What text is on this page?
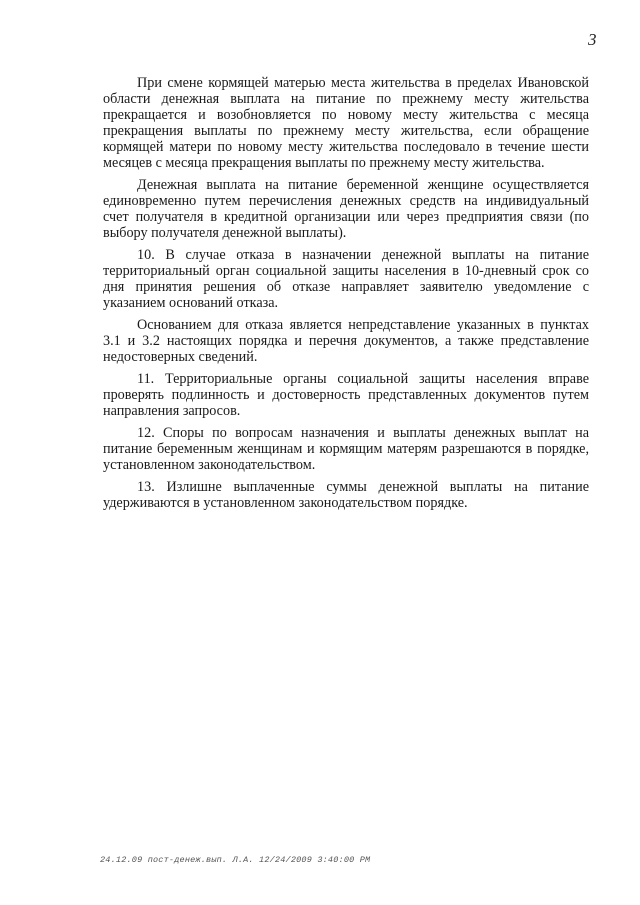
3

При смене кормящей матерью места жительства в пределах Ивановской области денежная выплата на питание по прежнему месту жительства прекращается и возобновляется по новому месту жительства с месяца прекращения выплаты по прежнему месту жительства, если обращение кормящей матери по новому месту жительства последовало в течение шести месяцев с месяца прекращения выплаты по прежнему месту жительства.

Денежная выплата на питание беременной женщине осуществляется единовременно путем перечисления денежных средств на индивидуальный счет получателя в кредитной организации или через предприятия связи (по выбору получателя денежной выплаты).

10. В случае отказа в назначении денежной выплаты на питание территориальный орган социальной защиты населения в 10-дневный срок со дня принятия решения об отказе направляет заявителю уведомление с указанием оснований отказа.

Основанием для отказа является непредставление указанных в пунктах 3.1 и 3.2 настоящих порядка и перечня документов, а также представление недостоверных сведений.

11. Территориальные органы социальной защиты населения вправе проверять подлинность и достоверность представленных документов путем направления запросов.

12. Споры по вопросам назначения и выплаты денежных выплат на питание беременным женщинам и кормящим матерям разрешаются в порядке, установленном законодательством.

13. Излишне выплаченные суммы денежной выплаты на питание удерживаются в установленном законодательством порядке.

24.12.09 пост-денеж.вып. Л.А. 12/24/2009 3:40:00 PM
